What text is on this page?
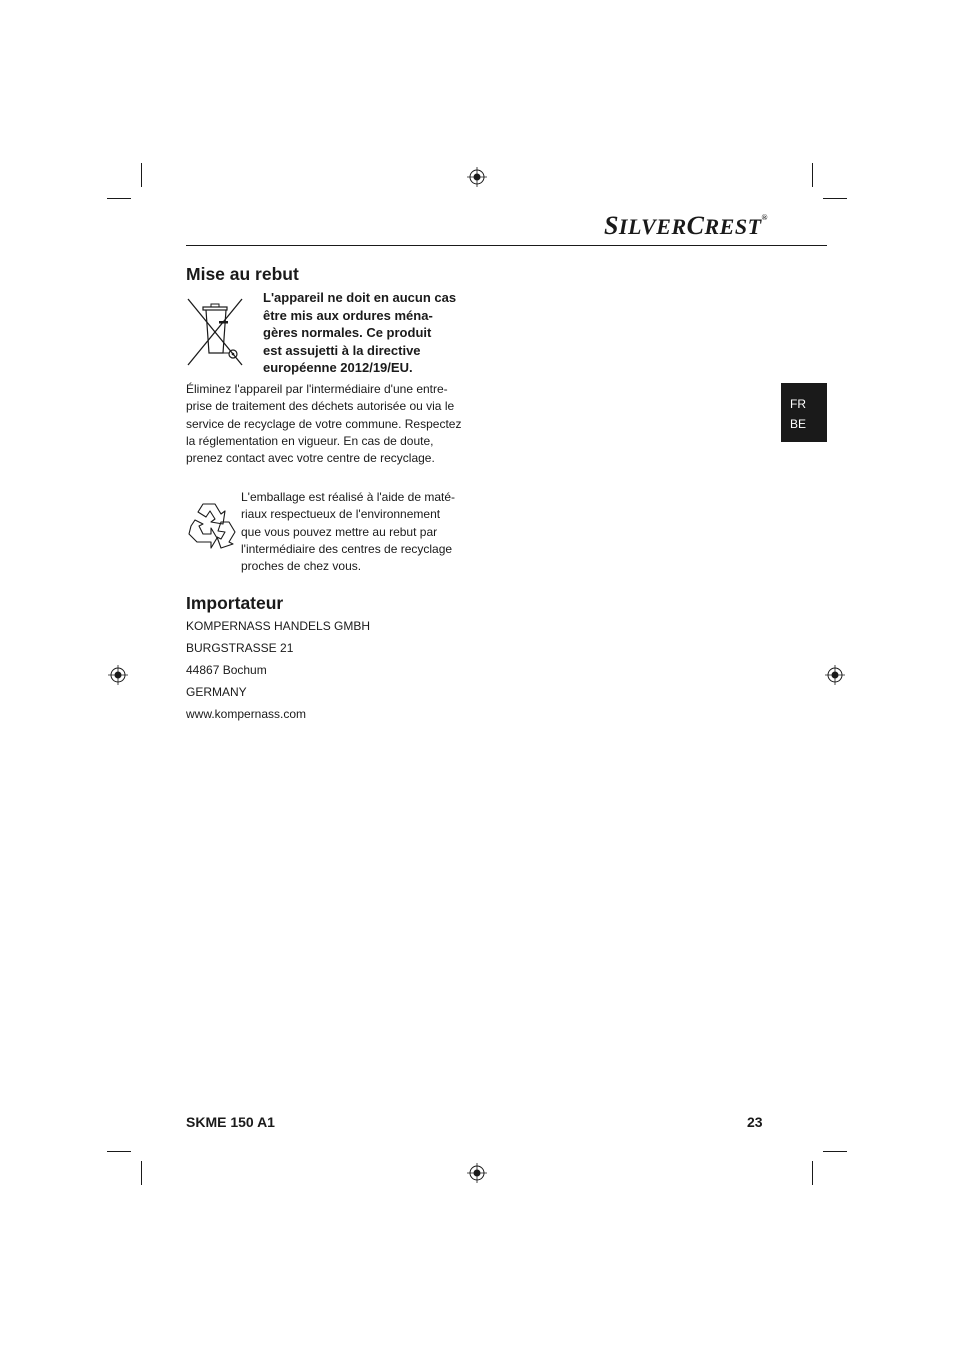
SILVERCREST®
FR
BE
Mise au rebut
L'appareil ne doit en aucun cas
être mis aux ordures ména-
gères normales. Ce produit
est assujetti à la directive
européenne 2012/19/EU.
Éliminez l'appareil par l'intermédiaire d'une entre-
prise de traitement des déchets autorisée ou via le
service de recyclage de votre commune. Respectez
la réglementation en vigueur. En cas de doute,
prenez contact avec votre centre de recyclage.
L'emballage est réalisé à l'aide de maté-
riaux respectueux de l'environnement
que vous pouvez mettre au rebut par
l'intermédiaire des centres de recyclage
proches de chez vous.
Importateur
KOMPERNASS HANDELS GMBH
BURGSTRASSE 21
44867 Bochum
GERMANY
www.kompernass.com
SKME 150 A1	23
